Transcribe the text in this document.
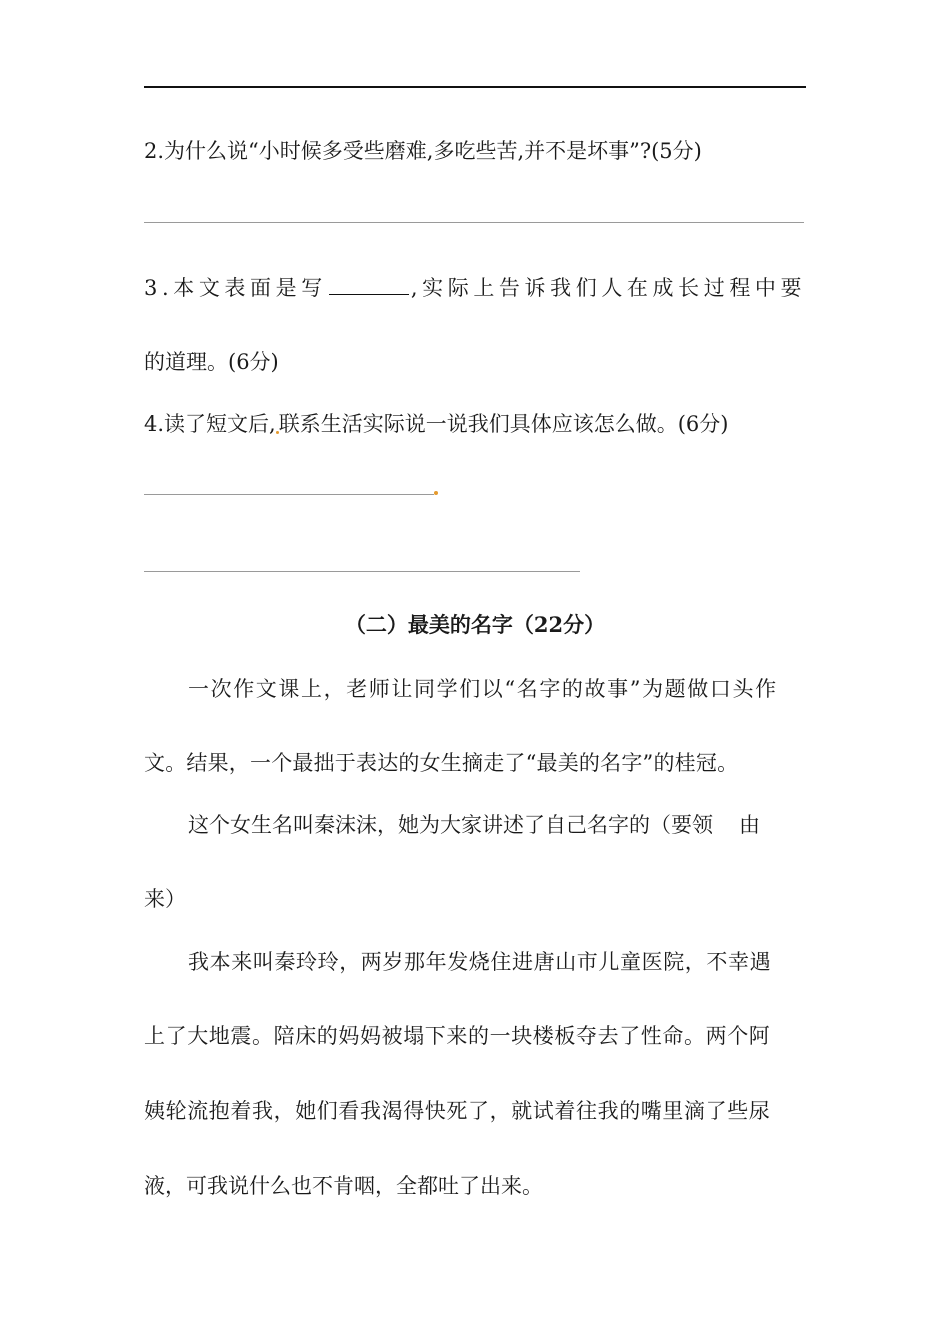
2.为什么说“小时候多受些磨难,多吃些苦,并不是坏事”?(5分)
3.本文表面是写	,实际上告诉我们人在成长过程中要
的道理。(6分)
4.读了短文后, 联系生活实际说一说我们具体应该怎么做。(6分)
（二）最美的名字（22分）
一次作文课上，老师让同学们以“名字的故事”为题做口头作
文。结果，一个最拙于表达的女生摘走了“最美的名字”的桂冠。
这个女生名叫秦沫沫，她为大家讲述了自己名字的（要领 由
来）
我本来叫秦玲玲，两岁那年发烧住进唐山市儿童医院，不幸遇
上了大地震。陪床的妈妈被塌下来的一块楼板夺去了性命。两个阿
姨轮流抱着我，她们看我渴得快死了，就试着往我的嘴里滴了些尿
液，可我说什么也不肯咽，全都吐了出来。
